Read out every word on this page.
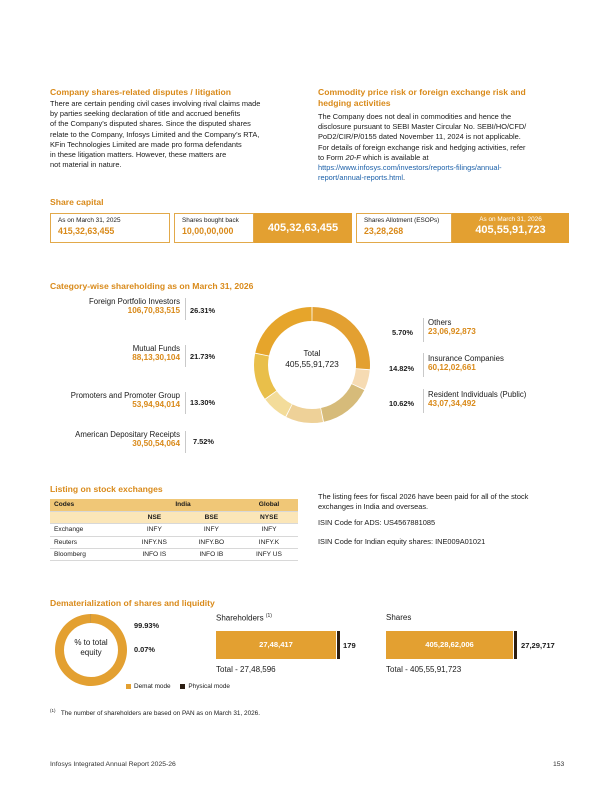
Company shares-related disputes / litigation
There are certain pending civil cases involving rival claims made
by parties seeking declaration of title and accrued benefits
of the Company’s disputed shares. Since the disputed shares
relate to the Company, Infosys Limited and the Company’s RTA,
KFin Technologies Limited are made pro forma defendants
in these litigation matters. However, these matters are
not material in nature.
Commodity price risk or foreign exchange risk and
hedging activities
The Company does not deal in commodities and hence the
disclosure pursuant to SEBI Master Circular No. SEBI/HO/CFD/
PoD2/CIR/P/0155 dated November 11, 2024 is not applicable.
For details of foreign exchange risk and hedging activities, refer
to Form 20-F which is available at
https://www.infosys.com/investors/reports-filings/annual-
report/annual-reports.html.
Share capital
As on March 31, 2025
415,32,63,455
Shares bought back
10,00,00,000	405,32,63,455
Shares Allotment (ESOPs)
23,28,268
As on March 31, 2026
405,55,91,723
Category-wise shareholding as on March 31, 2026
Total
405,55,91,723
Foreign Portfolio Investors
106,70,83,515 26.31%
Mutual Funds
88,13,30,104 21.73%
Promoters and Promoter Group
53,94,94,014 13.30%
American Depositary Receipts
30,50,54,064 7.52%
5.70%
Others
23,06,92,873
14.82%
Insurance Companies
60,12,02,661
10.62%
Resident Individuals (Public)
43,07,34,492
Listing on stock exchanges
Codes	India		Global
	NSE	BSE	NYSE
Exchange	INFY	INFY	INFY
Reuters	INFY.NS	INFY.BO	INFY.K
Bloomberg	INFO IS	INFO IB	INFY US
The listing fees for fiscal 2026 have been paid for all of the stock
exchanges in India and overseas.
ISIN Code for ADS: US4567881085
ISIN Code for Indian equity shares: INE009A01021
Dematerialization of shares and liquidity
% to total
equity
99.93%
0.07%
Demat mode	Physical mode
Shareholders $^{(1)}$
27,48,417	179
Total - 27,48,596
Shares
405,28,62,006	27,29,717
Total - 405,55,91,723
$^{(1)}$ The number of shareholders are based on PAN as on March 31, 2026.
Infosys Integrated Annual Report 2025-26	153
